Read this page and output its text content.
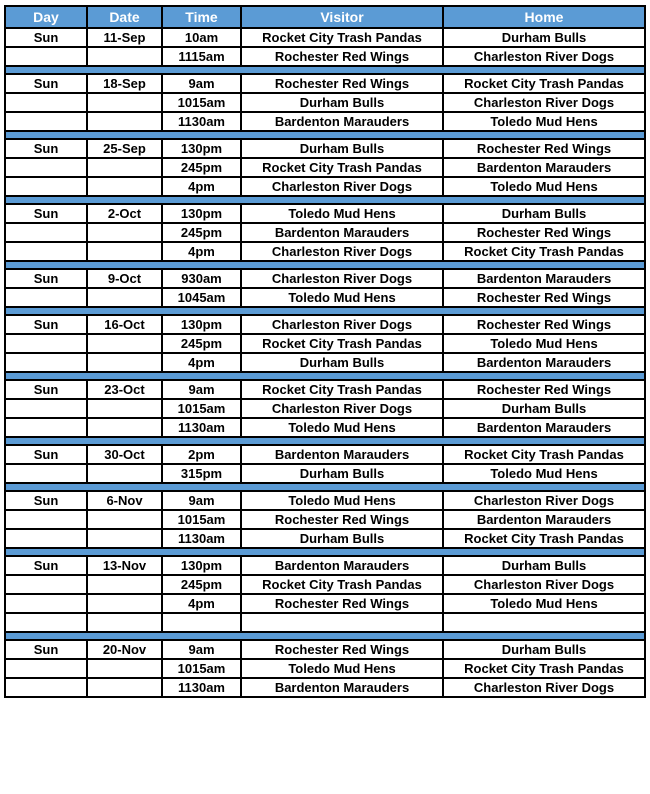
Day	Date	Time	Visitor	Home
Sun	11-Sep	10am	Rocket City Trash Pandas	Durham Bulls
		1115am	Rochester Red Wings	Charleston River Dogs

Sun	18-Sep	9am	Rochester Red Wings	Rocket City Trash Pandas
		1015am	Durham Bulls	Charleston River Dogs
		1130am	Bardenton Marauders	Toledo Mud Hens

Sun	25-Sep	130pm	Durham Bulls	Rochester Red Wings
		245pm	Rocket City Trash Pandas	Bardenton Marauders
		4pm	Charleston River Dogs	Toledo Mud Hens

Sun	2-Oct	130pm	Toledo Mud Hens	Durham Bulls
		245pm	Bardenton Marauders	Rochester Red Wings
		4pm	Charleston River Dogs	Rocket City Trash Pandas

Sun	9-Oct	930am	Charleston River Dogs	Bardenton Marauders
		1045am	Toledo Mud Hens	Rochester Red Wings

Sun	16-Oct	130pm	Charleston River Dogs	Rochester Red Wings
		245pm	Rocket City Trash Pandas	Toledo Mud Hens
		4pm	Durham Bulls	Bardenton Marauders

Sun	23-Oct	9am	Rocket City Trash Pandas	Rochester Red Wings
		1015am	Charleston River Dogs	Durham Bulls
		1130am	Toledo Mud Hens	Bardenton Marauders

Sun	30-Oct	2pm	Bardenton Marauders	Rocket City Trash Pandas
		315pm	Durham Bulls	Toledo Mud Hens

Sun	6-Nov	9am	Toledo Mud Hens	Charleston River Dogs
		1015am	Rochester Red Wings	Bardenton Marauders
		1130am	Durham Bulls	Rocket City Trash Pandas

Sun	13-Nov	130pm	Bardenton Marauders	Durham Bulls
		245pm	Rocket City Trash Pandas	Charleston River Dogs
		4pm	Rochester Red Wings	Toledo Mud Hens

Sun	20-Nov	9am	Rochester Red Wings	Durham Bulls
		1015am	Toledo Mud Hens	Rocket City Trash Pandas
		1130am	Bardenton Marauders	Charleston River Dogs
